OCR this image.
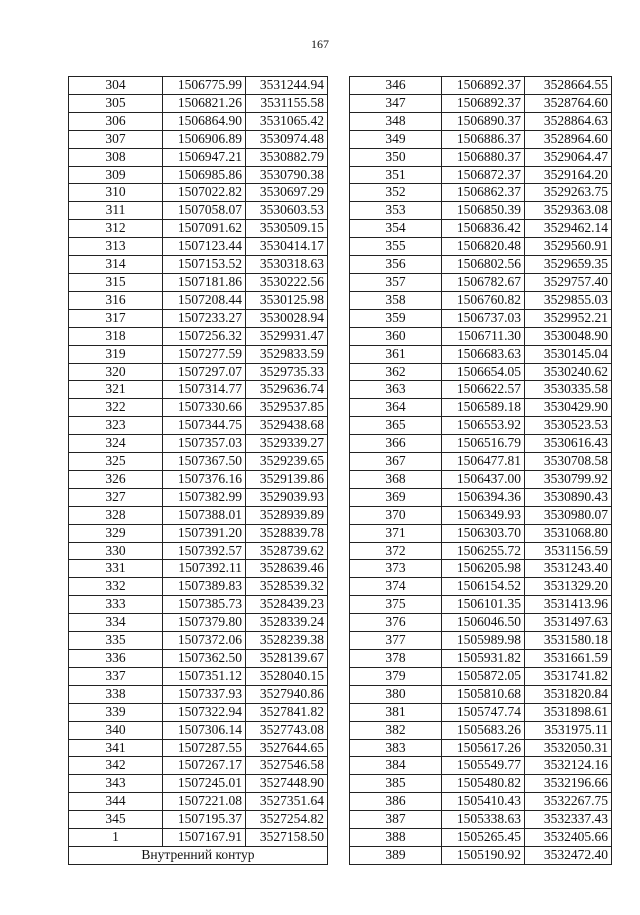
167
304	1506775.99	3531244.94
305	1506821.26	3531155.58
306	1506864.90	3531065.42
307	1506906.89	3530974.48
308	1506947.21	3530882.79
309	1506985.86	3530790.38
310	1507022.82	3530697.29
311	1507058.07	3530603.53
312	1507091.62	3530509.15
313	1507123.44	3530414.17
314	1507153.52	3530318.63
315	1507181.86	3530222.56
316	1507208.44	3530125.98
317	1507233.27	3530028.94
318	1507256.32	3529931.47
319	1507277.59	3529833.59
320	1507297.07	3529735.33
321	1507314.77	3529636.74
322	1507330.66	3529537.85
323	1507344.75	3529438.68
324	1507357.03	3529339.27
325	1507367.50	3529239.65
326	1507376.16	3529139.86
327	1507382.99	3529039.93
328	1507388.01	3528939.89
329	1507391.20	3528839.78
330	1507392.57	3528739.62
331	1507392.11	3528639.46
332	1507389.83	3528539.32
333	1507385.73	3528439.23
334	1507379.80	3528339.24
335	1507372.06	3528239.38
336	1507362.50	3528139.67
337	1507351.12	3528040.15
338	1507337.93	3527940.86
339	1507322.94	3527841.82
340	1507306.14	3527743.08
341	1507287.55	3527644.65
342	1507267.17	3527546.58
343	1507245.01	3527448.90
344	1507221.08	3527351.64
345	1507195.37	3527254.82
1	1507167.91	3527158.50
Внутренний контур		
346	1506892.37	3528664.55
347	1506892.37	3528764.60
348	1506890.37	3528864.63
349	1506886.37	3528964.60
350	1506880.37	3529064.47
351	1506872.37	3529164.20
352	1506862.37	3529263.75
353	1506850.39	3529363.08
354	1506836.42	3529462.14
355	1506820.48	3529560.91
356	1506802.56	3529659.35
357	1506782.67	3529757.40
358	1506760.82	3529855.03
359	1506737.03	3529952.21
360	1506711.30	3530048.90
361	1506683.63	3530145.04
362	1506654.05	3530240.62
363	1506622.57	3530335.58
364	1506589.18	3530429.90
365	1506553.92	3530523.53
366	1506516.79	3530616.43
367	1506477.81	3530708.58
368	1506437.00	3530799.92
369	1506394.36	3530890.43
370	1506349.93	3530980.07
371	1506303.70	3531068.80
372	1506255.72	3531156.59
373	1506205.98	3531243.40
374	1506154.52	3531329.20
375	1506101.35	3531413.96
376	1506046.50	3531497.63
377	1505989.98	3531580.18
378	1505931.82	3531661.59
379	1505872.05	3531741.82
380	1505810.68	3531820.84
381	1505747.74	3531898.61
382	1505683.26	3531975.11
383	1505617.26	3532050.31
384	1505549.77	3532124.16
385	1505480.82	3532196.66
386	1505410.43	3532267.75
387	1505338.63	3532337.43
388	1505265.45	3532405.66
389	1505190.92	3532472.40
